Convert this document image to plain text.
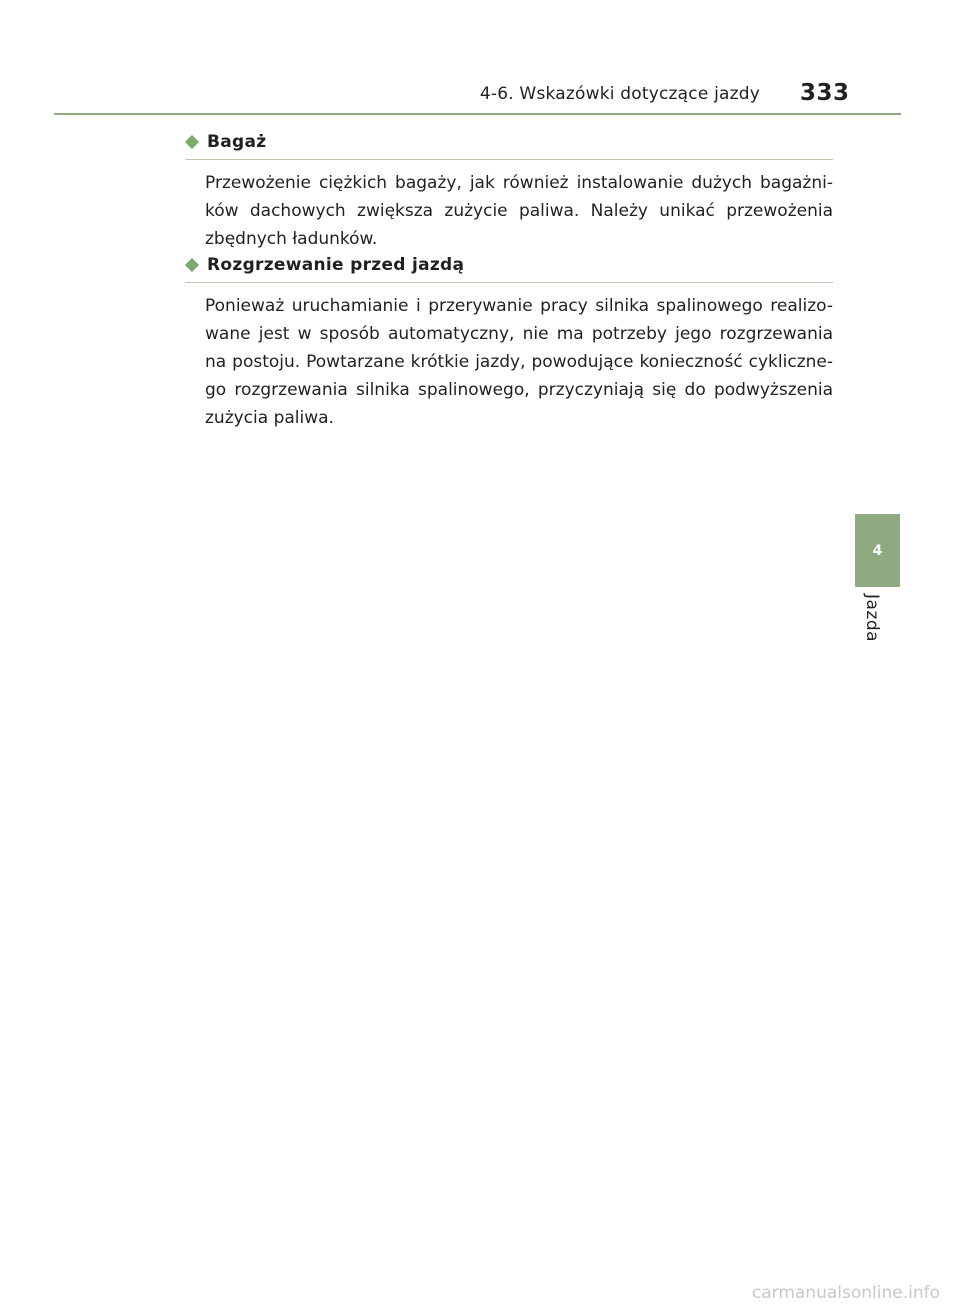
4-6. Wskazówki dotyczące jazdy 333
Bagaż
Przewożenie ciężkich bagaży, jak również instalowanie dużych bagażni-
ków dachowych zwiększa zużycie paliwa. Należy unikać przewożenia
zbędnych ładunków.
Rozgrzewanie przed jazdą
Ponieważ uruchamianie i przerywanie pracy silnika spalinowego realizo-
wane jest w sposób automatyczny, nie ma potrzeby jego rozgrzewania
na postoju. Powtarzane krótkie jazdy, powodujące konieczność cykliczne-
go rozgrzewania silnika spalinowego, przyczyniają się do podwyższenia
zużycia paliwa.
4
Jazda
carmanualsonline.info
